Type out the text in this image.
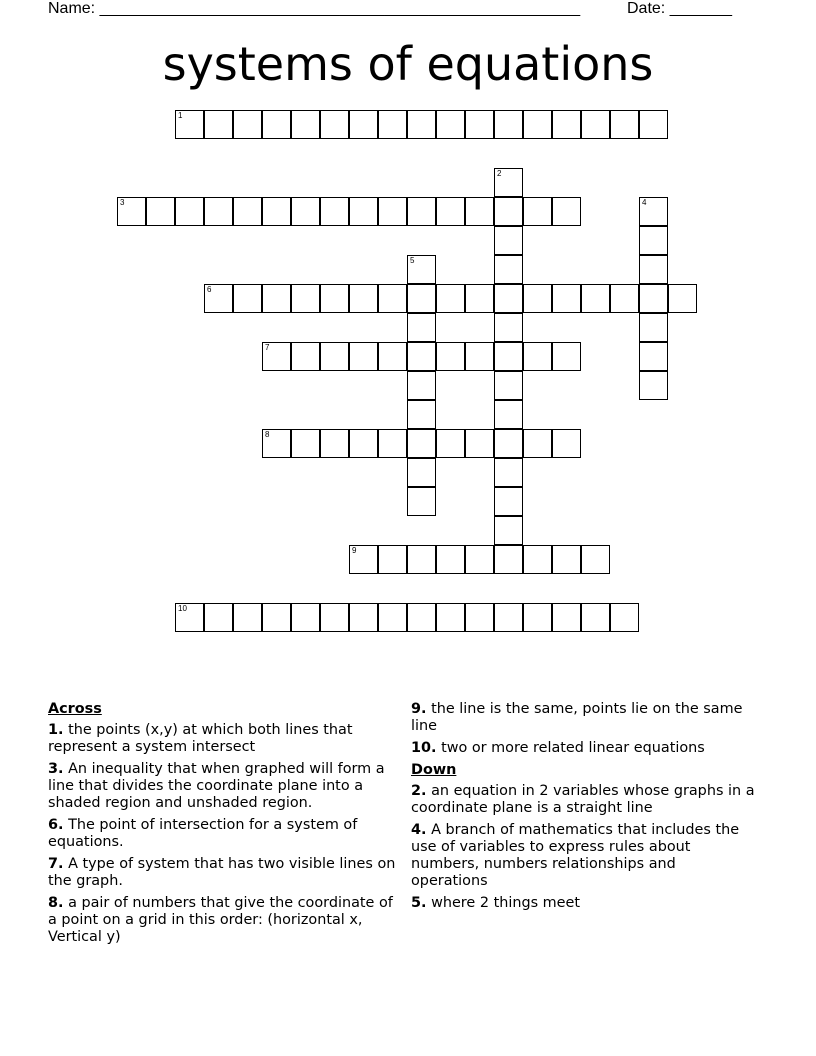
Name: ______________________________________________________	Date: _______
systems of equations
1
2
3	4
5
6
7
8
9
10
Across
1. the points (x,y) at which both lines that represent a system intersect
3. An inequality that when graphed will form a line that divides the coordinate plane into a shaded region and unshaded region.
6. The point of intersection for a system of equations.
7. A type of system that has two visible lines on the graph.
8. a pair of numbers that give the coordinate of a point on a grid in this order: (horizontal x, Vertical y)
9. the line is the same, points lie on the same line
10. two or more related linear equations
Down
2. an equation in 2 variables whose graphs in a coordinate plane is a straight line
4. A branch of mathematics that includes the use of variables to express rules about numbers, numbers relationships and operations
5. where 2 things meet
